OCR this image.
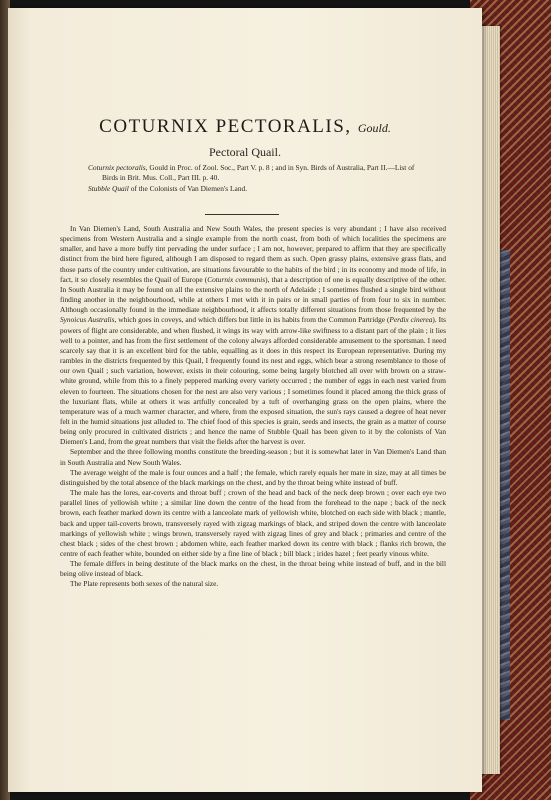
COTURNIX PECTORALIS, Gould.
Pectoral Quail.

Coturnix pectoralis, Gould in Proc. of Zool. Soc., Part V. p. 8 ; and in Syn. Birds of Australia, Part II.—List of Birds in Brit. Mus. Coll., Part III. p. 40.

Stubble Quail of the Colonists of Van Diemen's Land.

In Van Diemen's Land, South Australia and New South Wales, the present species is very abundant ; I have also received specimens from Western Australia and a single example from the north coast, from both of which localities the specimens are smaller, and have a more buffy tint pervading the under surface ; I am not, however, prepared to affirm that they are specifically distinct from the bird here figured, although I am disposed to regard them as such. Open grassy plains, extensive grass flats, and those parts of the country under cultivation, are situations favourable to the habits of the bird ; in its economy and mode of life, in fact, it so closely resembles the Quail of Europe (Coturnix communis), that a description of one is equally descriptive of the other. In South Australia it may be found on all the extensive plains to the north of Adelaide ; I sometimes flushed a single bird without finding another in the neighbourhood, while at others I met with it in pairs or in small parties of from four to six in number. Although occasionally found in the immediate neighbourhood, it affects totally different situations from those frequented by the Synoicus Australis, which goes in coveys, and which differs but little in its habits from the Common Partridge (Perdix cinerea). Its powers of flight are considerable, and when flushed, it wings its way with arrow-like swiftness to a distant part of the plain ; it lies well to a pointer, and has from the first settlement of the colony always afforded considerable amusement to the sportsman. I need scarcely say that it is an excellent bird for the table, equalling as it does in this respect its European representative. During my rambles in the districts frequented by this Quail, I frequently found its nest and eggs, which bear a strong resemblance to those of our own Quail ; such variation, however, exists in their colouring, some being largely blotched all over with brown on a straw-white ground, while from this to a finely peppered marking every variety occurred ; the number of eggs in each nest varied from eleven to fourteen. The situations chosen for the nest are also very various ; I sometimes found it placed among the thick grass of the luxuriant flats, while at others it was artfully concealed by a tuft of overhanging grass on the open plains, where the temperature was of a much warmer character, and where, from the exposed situation, the sun's rays caused a degree of heat never felt in the humid situations just alluded to. The chief food of this species is grain, seeds and insects, the grain as a matter of course being only procured in cultivated districts ; and hence the name of Stubble Quail has been given to it by the colonists of Van Diemen's Land, from the great numbers that visit the fields after the harvest is over.

September and the three following months constitute the breeding-season ; but it is somewhat later in Van Diemen's Land than in South Australia and New South Wales.

The average weight of the male is four ounces and a half ; the female, which rarely equals her mate in size, may at all times be distinguished by the total absence of the black markings on the chest, and by the throat being white instead of buff.

The male has the lores, ear-coverts and throat buff ; crown of the head and back of the neck deep brown ; over each eye two parallel lines of yellowish white ; a similar line down the centre of the head from the forehead to the nape ; back of the neck brown, each feather marked down its centre with a lanceolate mark of yellowish white, blotched on each side with black ; mantle, back and upper tail-coverts brown, transversely rayed with zigzag markings of black, and striped down the centre with lanceolate markings of yellowish white ; wings brown, transversely rayed with zigzag lines of grey and black ; primaries and centre of the chest black ; sides of the chest brown ; abdomen white, each feather marked down its centre with black ; flanks rich brown, the centre of each feather white, bounded on either side by a fine line of black ; bill black ; irides hazel ; feet pearly vinous white.

The female differs in being destitute of the black marks on the chest, in the throat being white instead of buff, and in the bill being olive instead of black.

The Plate represents both sexes of the natural size.
